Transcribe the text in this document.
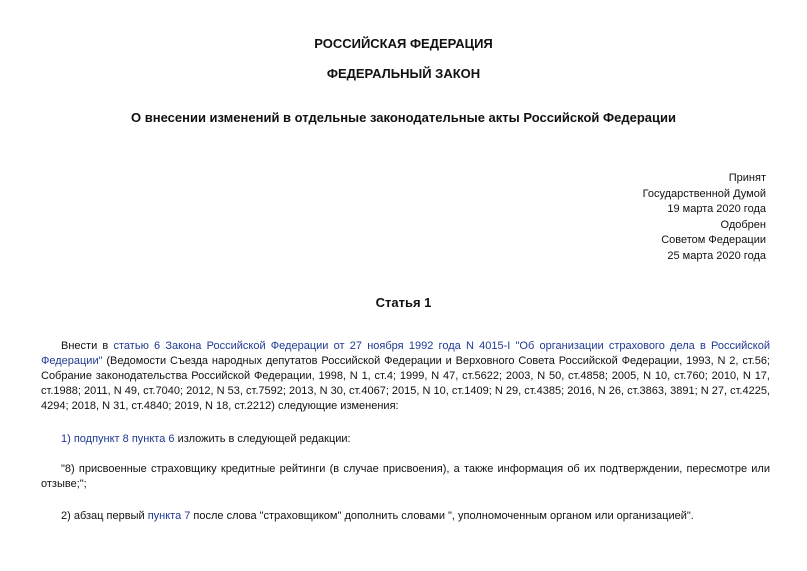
РОССИЙСКАЯ ФЕДЕРАЦИЯ
ФЕДЕРАЛЬНЫЙ ЗАКОН
О внесении изменений в отдельные законодательные акты Российской Федерации
Принят
Государственной Думой
19 марта 2020 года
Одобрен
Советом Федерации
25 марта 2020 года
Статья 1

Внести в статью 6 Закона Российской Федерации от 27 ноября 1992 года N 4015-I "Об организации страхового дела в Российской Федерации" (Ведомости Съезда народных депутатов Российской Федерации и Верховного Совета Российской Федерации, 1993, N 2, ст.56; Собрание законодательства Российской Федерации, 1998, N 1, ст.4; 1999, N 47, ст.5622; 2003, N 50, ст.4858; 2005, N 10, ст.760; 2010, N 17, ст.1988; 2011, N 49, ст.7040; 2012, N 53, ст.7592; 2013, N 30, ст.4067; 2015, N 10, ст.1409; N 29, ст.4385; 2016, N 26, ст.3863, 3891; N 27, ст.4225, 4294; 2018, N 31, ст.4840; 2019, N 18, ст.2212) следующие изменения:

1) подпункт 8 пункта 6 изложить в следующей редакции:

"8) присвоенные страховщику кредитные рейтинги (в случае присвоения), а также информация об их подтверждении, пересмотре или отзыве;";

2) абзац первый пункта 7 после слова "страховщиком" дополнить словами ", уполномоченным органом или организацией".
